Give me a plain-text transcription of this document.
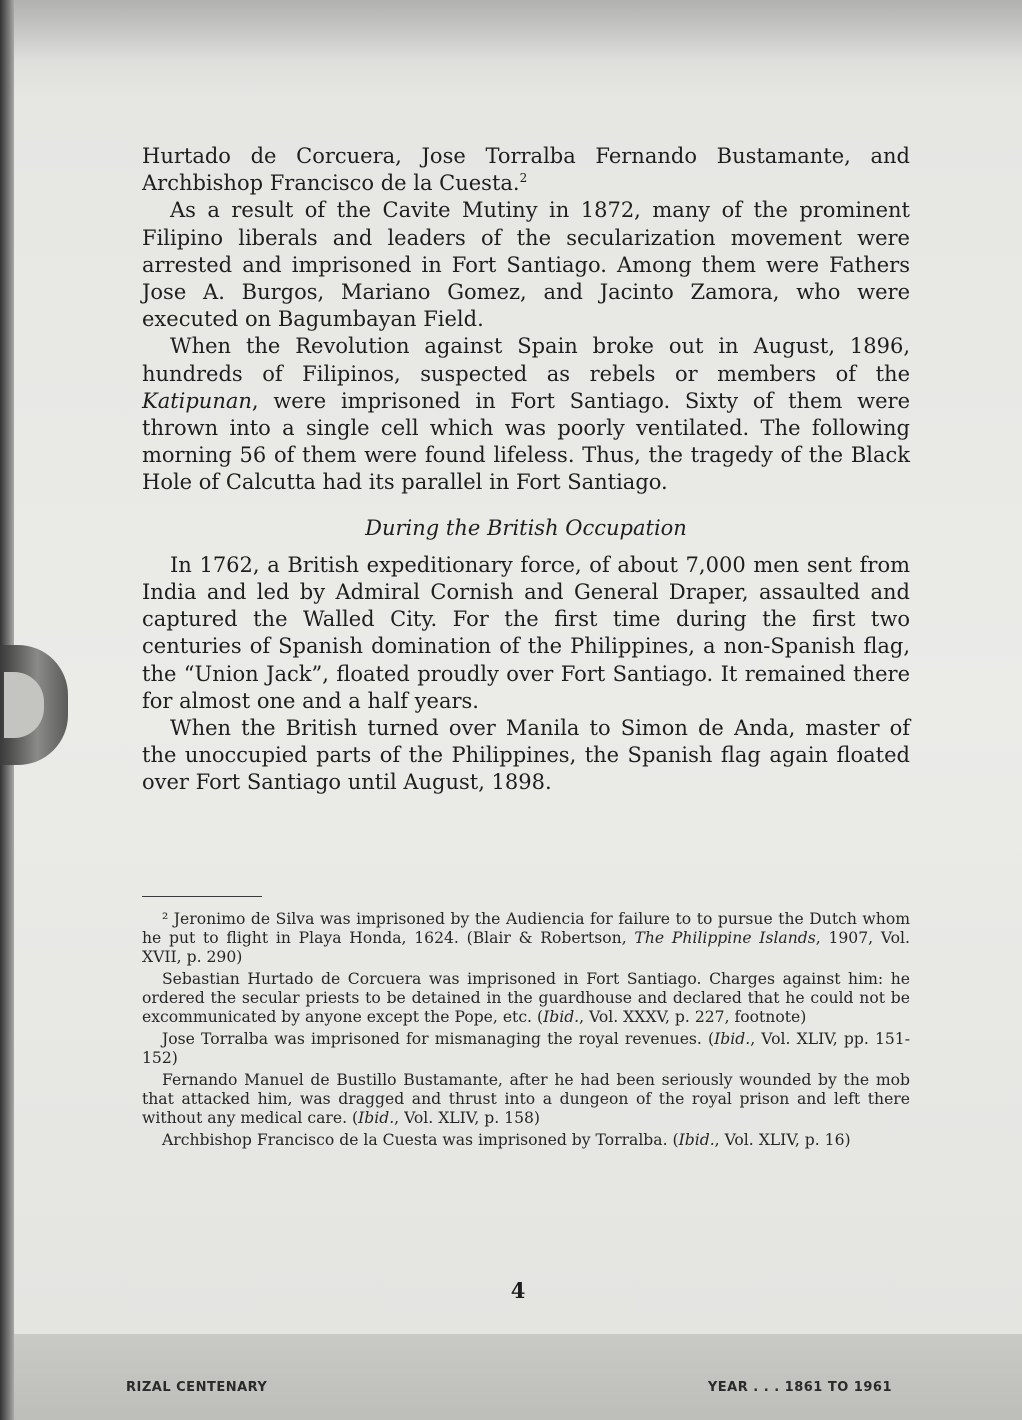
Hurtado de Corcuera, Jose Torralba Fernando Bustamante, and Archbishop Francisco de la Cuesta.$^2$

As a result of the Cavite Mutiny in 1872, many of the prominent Filipino liberals and leaders of the secularization movement were arrested and imprisoned in Fort Santiago. Among them were Fathers Jose A. Burgos, Mariano Gomez, and Jacinto Zamora, who were executed on Bagumbayan Field.

When the Revolution against Spain broke out in August, 1896, hundreds of Filipinos, suspected as rebels or members of the Katipunan, were imprisoned in Fort Santiago. Sixty of them were thrown into a single cell which was poorly ventilated. The following morning 56 of them were found lifeless. Thus, the tragedy of the Black Hole of Calcutta had its parallel in Fort Santiago.

During the British Occupation

In 1762, a British expeditionary force, of about 7,000 men sent from India and led by Admiral Cornish and General Draper, assaulted and captured the Walled City. For the first time during the first two centuries of Spanish domination of the Philippines, a non-Spanish flag, the “Union Jack”, floated proudly over Fort Santiago. It remained there for almost one and a half years.

When the British turned over Manila to Simon de Anda, master of the unoccupied parts of the Philippines, the Spanish flag again floated over Fort Santiago until August, 1898.

² Jeronimo de Silva was imprisoned by the Audiencia for failure to to pursue the Dutch whom he put to flight in Playa Honda, 1624. (Blair & Robertson, The Philippine Islands, 1907, Vol. XVII, p. 290)

Sebastian Hurtado de Corcuera was imprisoned in Fort Santiago. Charges against him: he ordered the secular priests to be detained in the guardhouse and declared that he could not be excommunicated by anyone except the Pope, etc. (Ibid., Vol. XXXV, p. 227, footnote)

Jose Torralba was imprisoned for mismanaging the royal revenues. (Ibid., Vol. XLIV, pp. 151-152)

Fernando Manuel de Bustillo Bustamante, after he had been seriously wounded by the mob that attacked him, was dragged and thrust into a dungeon of the royal prison and left there without any medical care. (Ibid., Vol. XLIV, p. 158)

Archbishop Francisco de la Cuesta was imprisoned by Torralba. (Ibid., Vol. XLIV, p. 16)

4
RIZAL CENTENARY	YEAR . . . 1861 TO 1961
